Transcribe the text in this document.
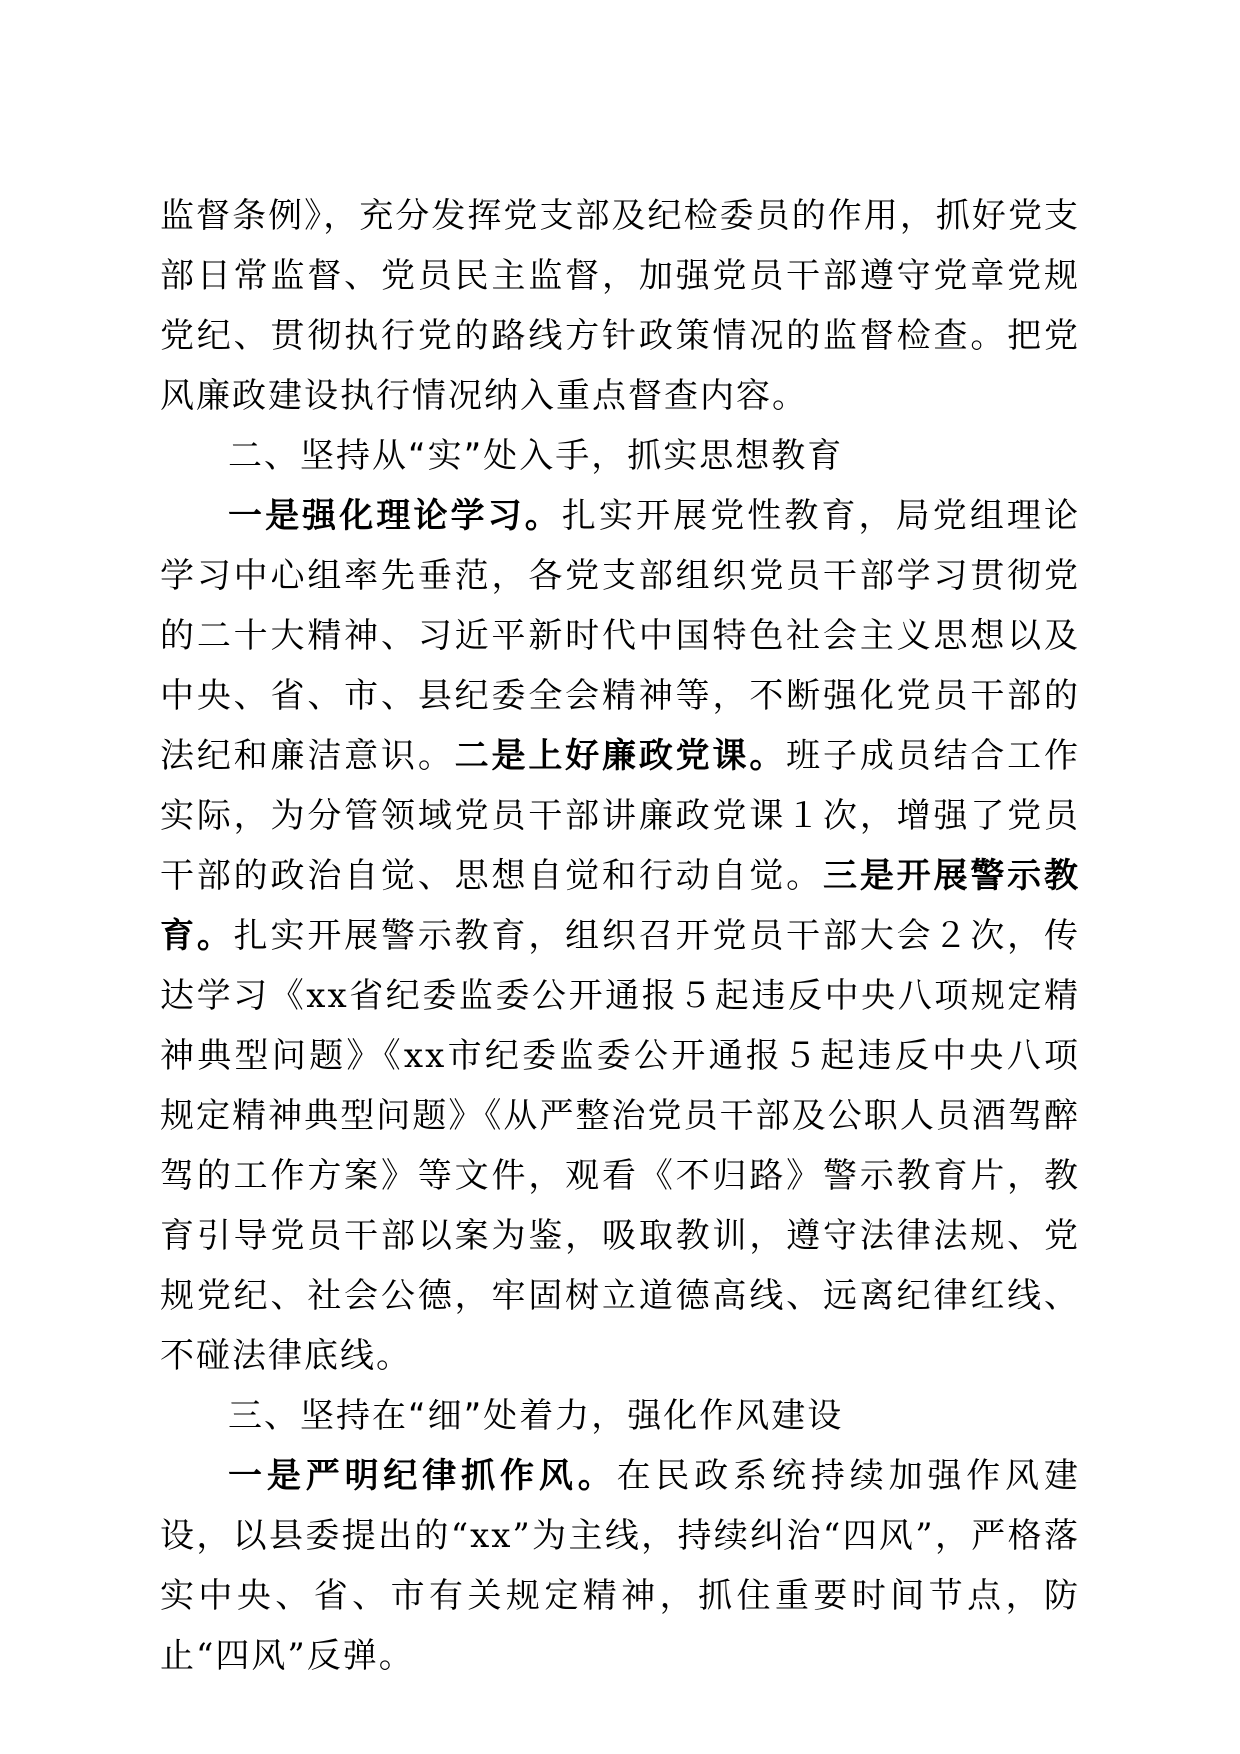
监督条例》，充分发挥党支部及纪检委员的作用，抓好党支部日常监督、党员民主监督，加强党员干部遵守党章党规党纪、贯彻执行党的路线方针政策情况的监督检查。把党风廉政建设执行情况纳入重点督查内容。

二、坚持从“实”处入手，抓实思想教育

一是强化理论学习。扎实开展党性教育，局党组理论学习中心组率先垂范，各党支部组织党员干部学习贯彻党的二十大精神、习近平新时代中国特色社会主义思想以及中央、省、市、县纪委全会精神等，不断强化党员干部的法纪和廉洁意识。二是上好廉政党课。班子成员结合工作实际，为分管领域党员干部讲廉政党课１次，增强了党员干部的政治自觉、思想自觉和行动自觉。三是开展警示教育。扎实开展警示教育，组织召开党员干部大会２次，传达学习《xx省纪委监委公开通报５起违反中央八项规定精神典型问题》《xx市纪委监委公开通报５起违反中央八项规定精神典型问题》《从严整治党员干部及公职人员酒驾醉驾的工作方案》等文件，观看《不归路》警示教育片，教育引导党员干部以案为鉴，吸取教训，遵守法律法规、党规党纪、社会公德，牢固树立道德高线、远离纪律红线、不碰法律底线。

三、坚持在“细”处着力，强化作风建设

一是严明纪律抓作风。在民政系统持续加强作风建设，以县委提出的“xx”为主线，持续纠治“四风”，严格落实中央、省、市有关规定精神，抓住重要时间节点，防止“四风”反弹。
